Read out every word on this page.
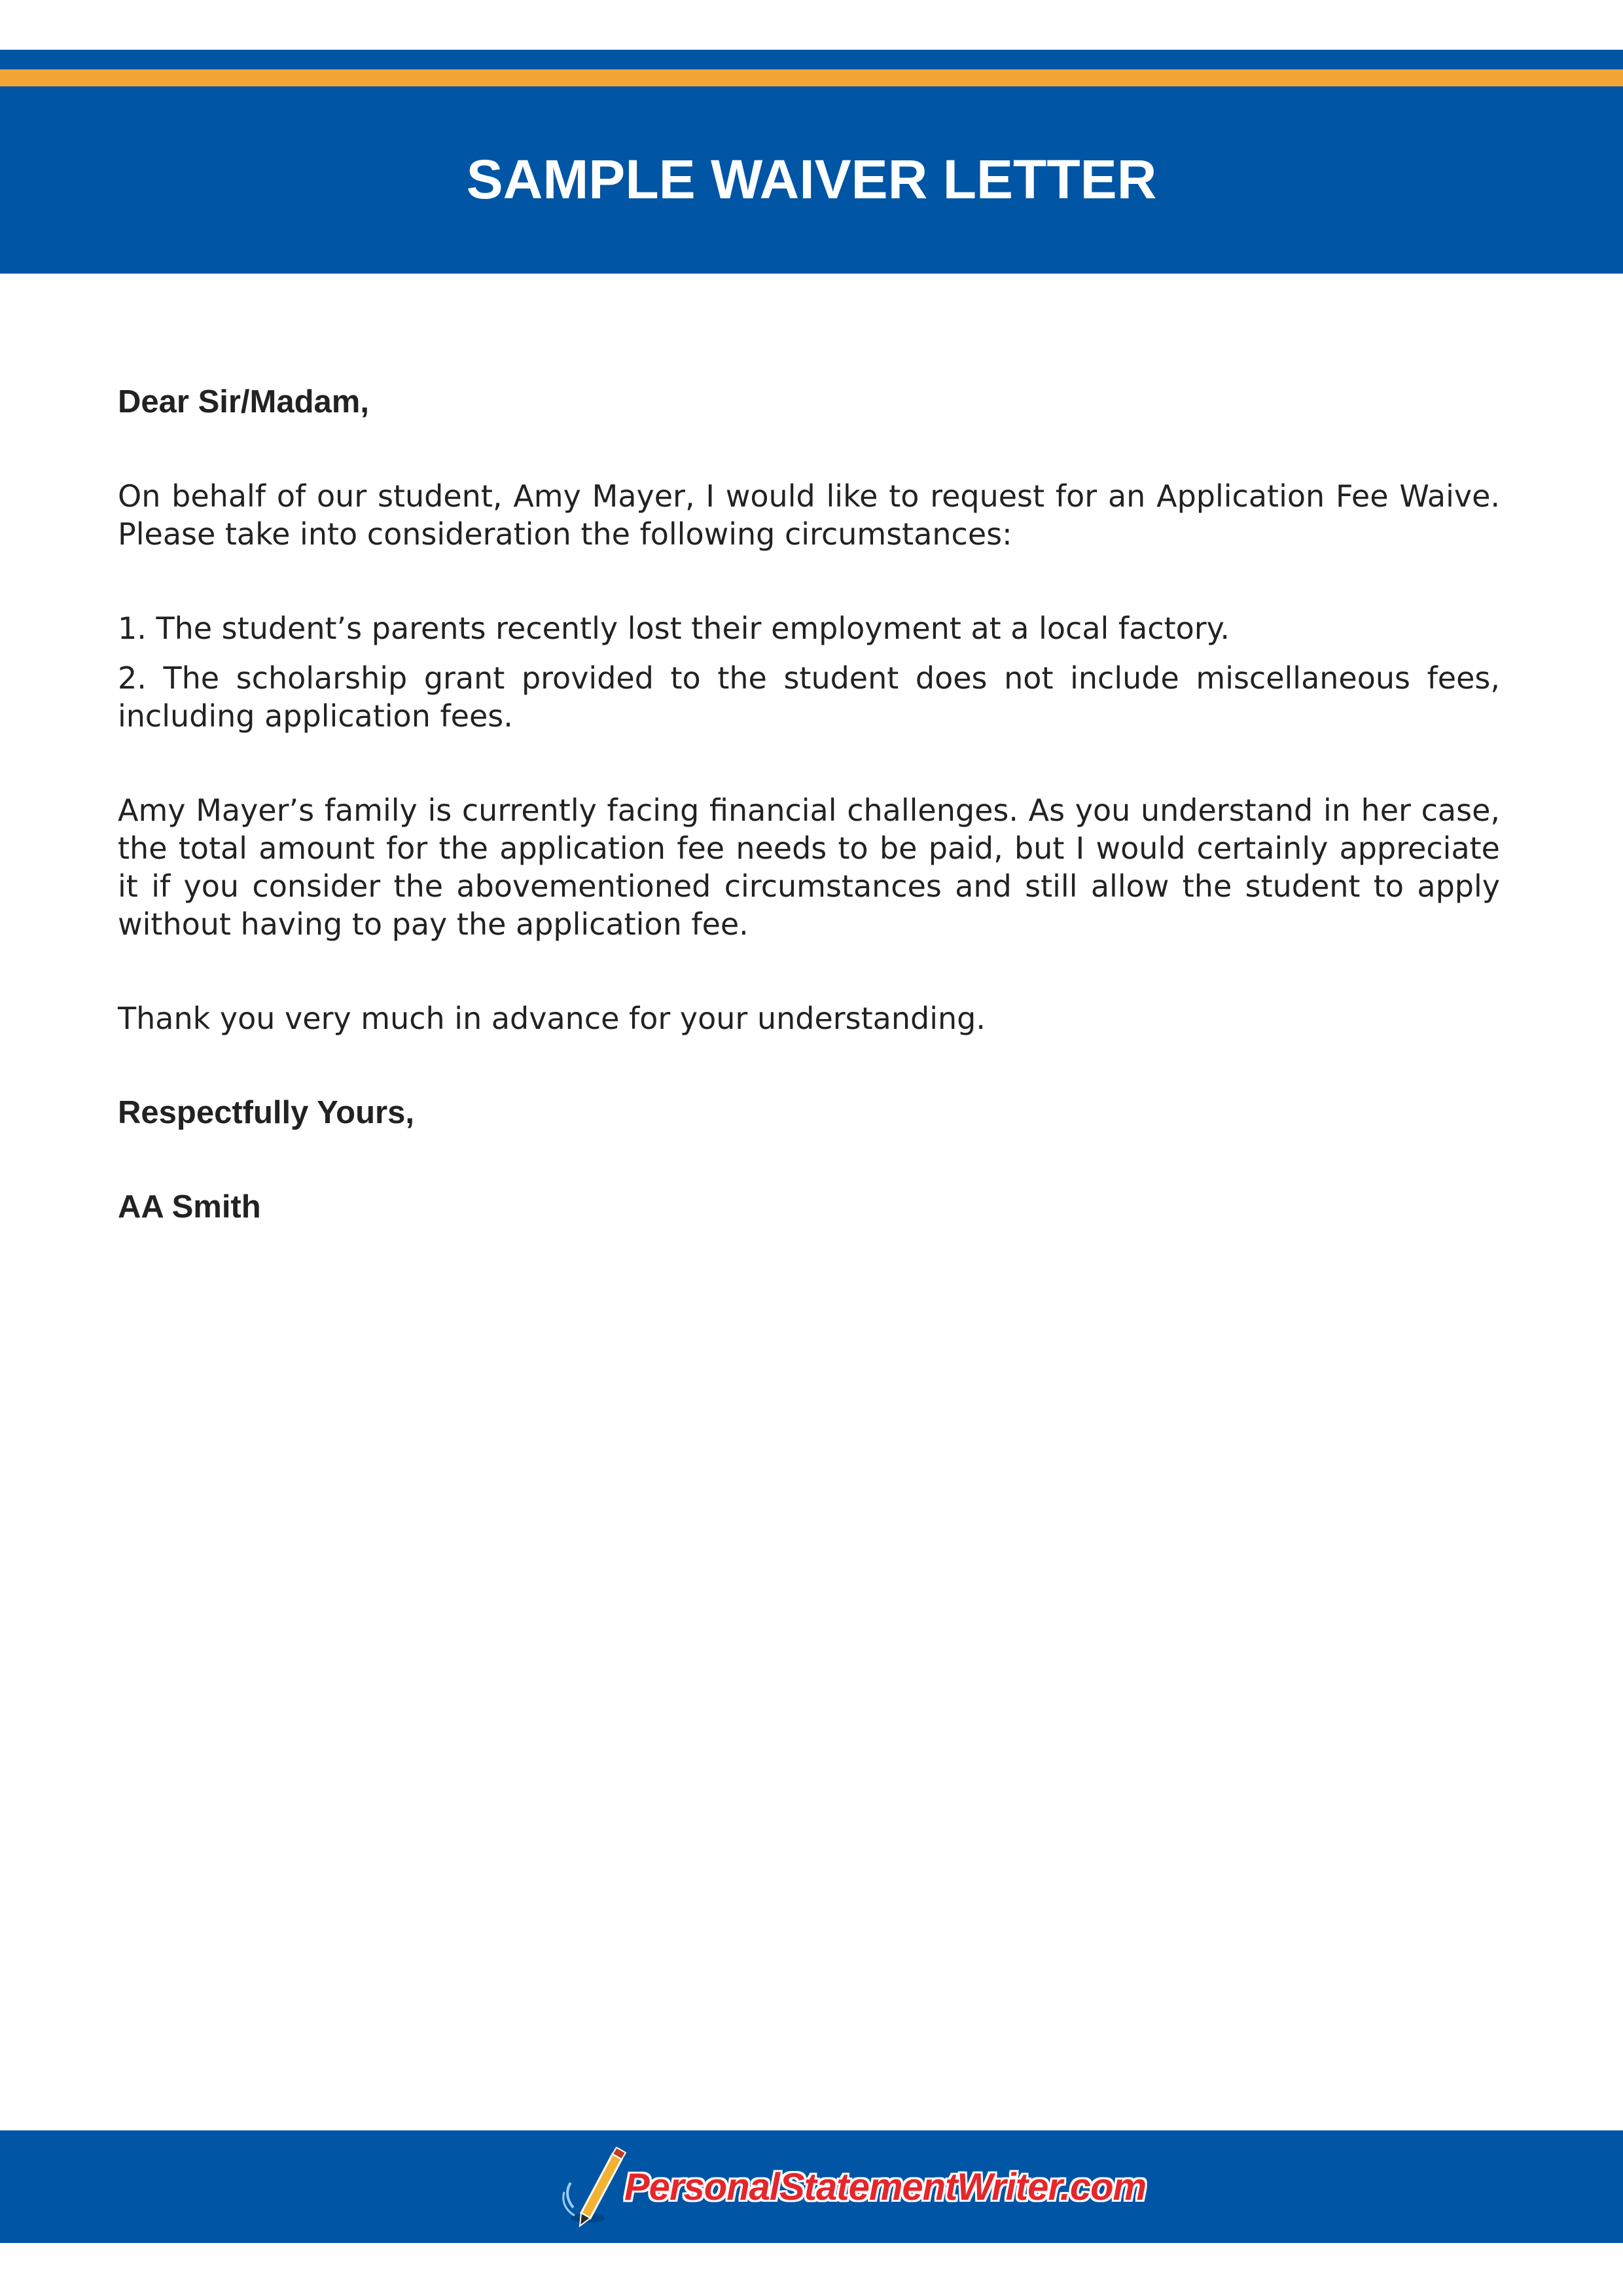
SAMPLE WAIVER LETTER

Dear Sir/Madam,

On behalf of our student, Amy Mayer, I would like to request for an Application Fee Waive. Please take into consideration the following circumstances:

1. The student’s parents recently lost their employment at a local factory.

2. The scholarship grant provided to the student does not include miscellaneous fees, including application fees.

Amy Mayer’s family is currently facing financial challenges. As you understand in her case, the total amount for the application fee needs to be paid, but I would certainly appreciate it if you consider the abovementioned circumstances and still allow the student to apply without having to pay the application fee.

Thank you very much in advance for your understanding.

Respectfully Yours,

AA Smith

PersonalStatementWriter.com
